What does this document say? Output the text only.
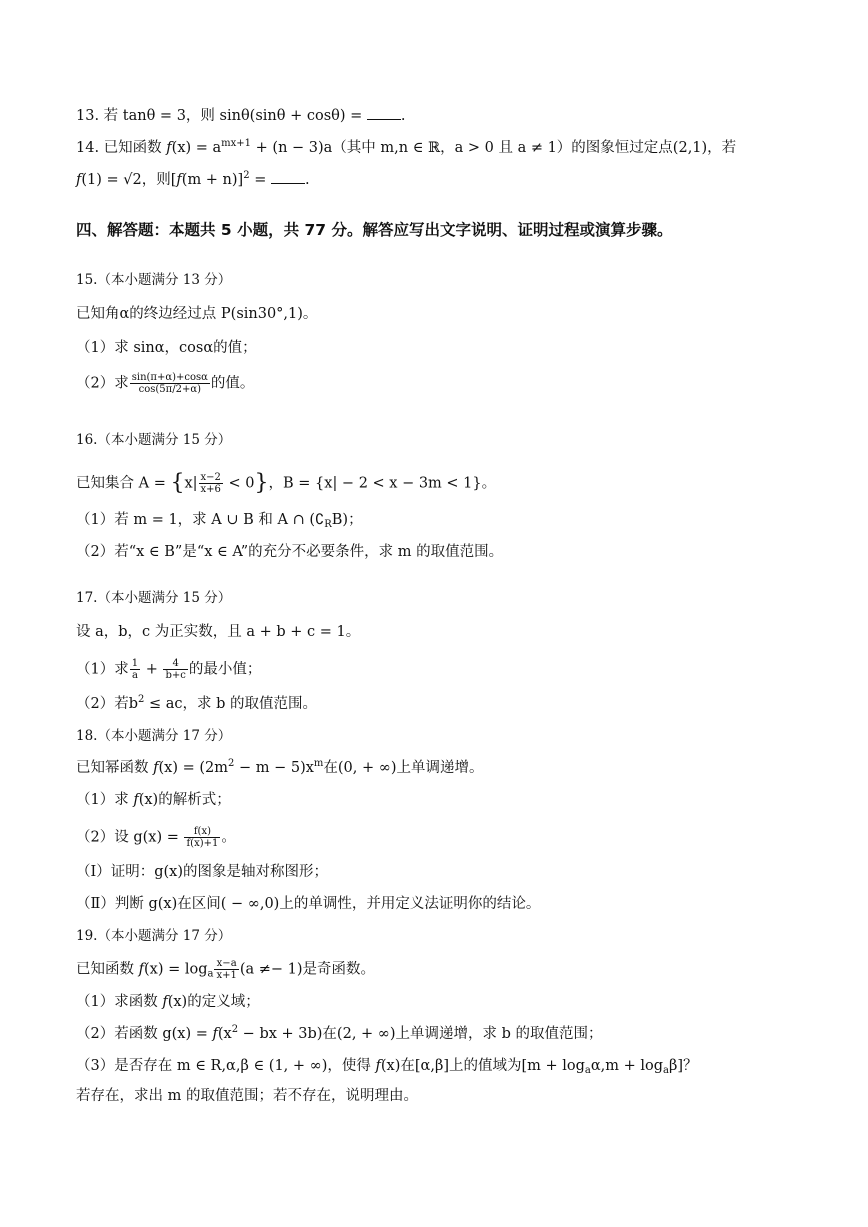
13. 若 tanθ = 3，则 sinθ(sinθ + cosθ) = .
14. 已知函数 $f(x) = a^{mx+1} + (n - 3)a$（其中 m,n ∈ ℝ，a > 0 且 a ≠ 1）的图象恒过定点(2,1)，若
f(1) = √2，则$[f(m + n)]^2$ = .
四、解答题：本题共 5 小题，共 77 分。解答应写出文字说明、证明过程或演算步骤。
15.（本小题满分 13 分）
已知角α的终边经过点 P(sin30°,1)。
（1）求 sinα，cosα的值；
（2）求 $\frac{\sin(\pi+\alpha)+\cos\alpha}{\cos(5\pi/2+\alpha)}$ 的值。
16.（本小题满分 15 分）
已知集合 $A = \{x| \frac{x-2}{x+6} < 0\}$，B = {x| − 2 < x − 3m < 1}。
（1）若 m = 1，求 A ∪ B 和 A ∩ $(∁_RB)$；
（2）若“x ∈ B”是“x ∈ A”的充分不必要条件，求 m 的取值范围。
17.（本小题满分 15 分）
设 a，b，c 为正实数，且 a + b + c = 1。
（1）求 $\frac{1}{a} + \frac{4}{b+c}$ 的最小值；
（2）若$b^2$ ≤ ac，求 b 的取值范围。
18.（本小题满分 17 分）
已知幂函数 $f(x) = (2m^2 - m - 5)x^m$在(0, + ∞)上单调递增。
（1）求 f(x)的解析式；
（2）设 $g(x) = \frac{f(x)}{f(x)+1}$ 。
（Ⅰ）证明：g(x)的图象是轴对称图形；
（Ⅱ）判断 g(x)在区间( − ∞,0)上的单调性，并用定义法证明你的结论。
19.（本小题满分 17 分）
已知函数 $f(x) = \log_a \frac{x-a}{x+1} (a \ne- 1)$是奇函数。
（1）求函数 f(x)的定义域；
（2）若函数 $g(x) = f(x^2$ − bx + 3b)在(2, + ∞)上单调递增，求 b 的取值范围；
（3）是否存在 m ∈ R,α,β ∈ (1, + ∞)，使得 f(x)在[α,β]上的值域为$[m + \log_a\alpha,m + \log_a\beta]$？
若存在，求出 m 的取值范围；若不存在，说明理由。
